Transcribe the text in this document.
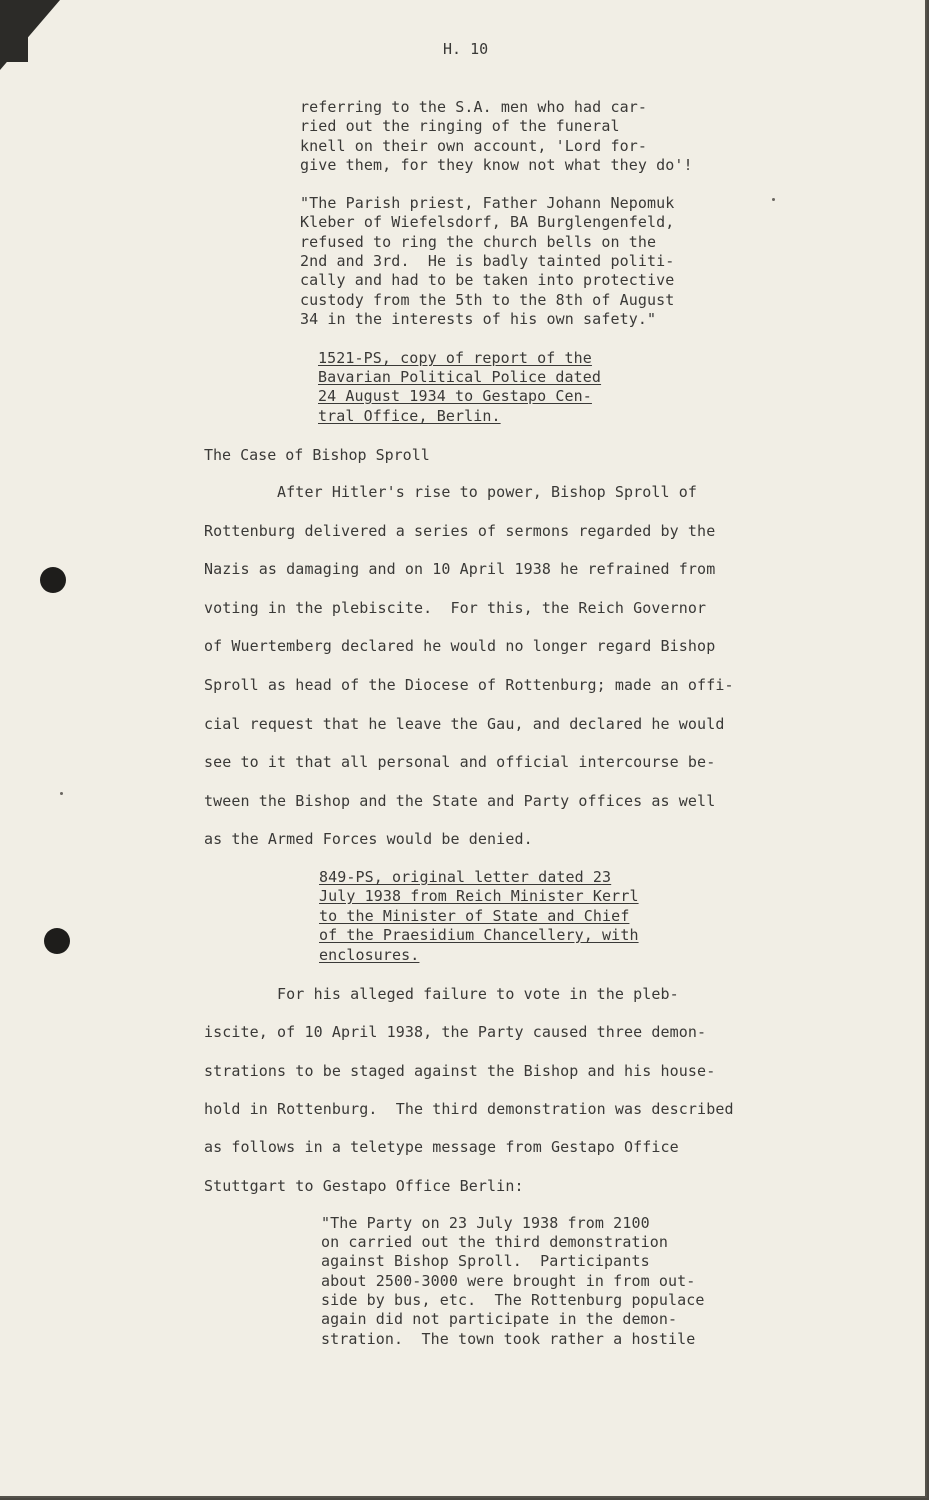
H. 10
referring to the S.A. men who had car-
ried out the ringing of the funeral
knell on their own account, 'Lord for-
give them, for they know not what they do'!
"The Parish priest, Father Johann Nepomuk
Kleber of Wiefelsdorf, BA Burglengenfeld,
refused to ring the church bells on the
2nd and 3rd.  He is badly tainted politi-
cally and had to be taken into protective
custody from the 5th to the 8th of August
34 in the interests of his own safety."
1521-PS, copy of report of the
Bavarian Political Police dated
24 August 1934 to Gestapo Cen-
tral Office, Berlin.
The Case of Bishop Sproll
After Hitler's rise to power, Bishop Sproll of
Rottenburg delivered a series of sermons regarded by the
Nazis as damaging and on 10 April 1938 he refrained from
voting in the plebiscite.  For this, the Reich Governor
of Wuertemberg declared he would no longer regard Bishop
Sproll as head of the Diocese of Rottenburg; made an offi-
cial request that he leave the Gau, and declared he would
see to it that all personal and official intercourse be-
tween the Bishop and the State and Party offices as well
as the Armed Forces would be denied.
849-PS, original letter dated 23
July 1938 from Reich Minister Kerrl
to the Minister of State and Chief
of the Praesidium Chancellery, with
enclosures.
For his alleged failure to vote in the pleb-
iscite, of 10 April 1938, the Party caused three demon-
strations to be staged against the Bishop and his house-
hold in Rottenburg.  The third demonstration was described
as follows in a teletype message from Gestapo Office
Stuttgart to Gestapo Office Berlin:
"The Party on 23 July 1938 from 2100
on carried out the third demonstration
against Bishop Sproll.  Participants
about 2500-3000 were brought in from out-
side by bus, etc.  The Rottenburg populace
again did not participate in the demon-
stration.  The town took rather a hostile
